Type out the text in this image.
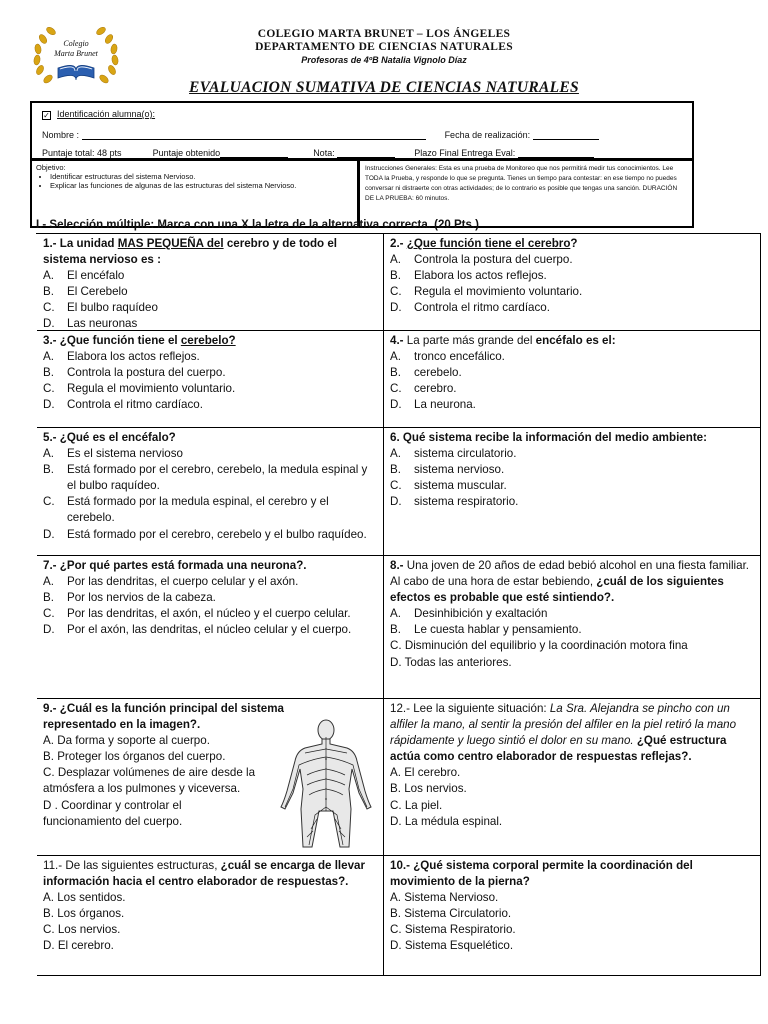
Colegio
Marta Brunet
COLEGIO MARTA BRUNET – LOS ÁNGELES
DEPARTAMENTO DE CIENCIAS NATURALES
Profesoras de 4ºB Natalia Vignolo Díaz
EVALUACION SUMATIVA DE CIENCIAS NATURALES
✓ Identificación alumna(o):
Nombre :	Fecha de realización:
Puntaje total: 48 pts	Puntaje obtenido	Nota:	Plazo Final Entrega Eval:
Objetivo:
• Identificar estructuras del sistema Nervioso.
• Explicar las funciones de algunas de las estructuras del sistema Nervioso.

Instrucciones Generales: Esta es una prueba de Monitoreo que nos permitirá medir tus conocimientos. Lee TODA la Prueba, y responde lo que se pregunta. Tienes un tiempo para contestar: en ese tiempo no puedes conversar ni distraerte con otras actividades; de lo contrario es posible que tengas una sanción. DURACIÓN DE LA PRUEBA: 60 minutos.

I.- Selección múltiple: Marca con una X la letra de la alternativa correcta. (20 Pts.)
1.- La unidad MAS PEQUEÑA del cerebro y de todo el sistema nervioso es :
A. El encéfalo
B. El Cerebelo
C. El bulbo raquídeo
D. Las neuronas
2.- ¿Que función tiene el cerebro?
A. Controla la postura del cuerpo.
B. Elabora los actos reflejos.
C. Regula el movimiento voluntario.
D. Controla el ritmo cardíaco.
3.- ¿Que función tiene el cerebelo?
A. Elabora los actos reflejos.
B. Controla la postura del cuerpo.
C. Regula el movimiento voluntario.
D. Controla el ritmo cardíaco.
4.- La parte más grande del encéfalo es el:
A. tronco encefálico.
B. cerebelo.
C. cerebro.
D. La neurona.
5.- ¿Qué es el encéfalo?
A. Es el sistema nervioso
B. Está formado por el cerebro, cerebelo, la medula espinal y el bulbo raquídeo.
C. Está formado por la medula espinal, el cerebro y el cerebelo.
D. Está formado por el cerebro, cerebelo y el bulbo raquídeo.
6. Qué sistema recibe la información del medio ambiente:
A. sistema circulatorio.
B. sistema nervioso.
C. sistema muscular.
D. sistema respiratorio.
7.- ¿Por qué partes está formada una neurona?.
A. Por las dendritas, el cuerpo celular y el axón.
B. Por los nervios de la cabeza.
C. Por las dendritas, el axón, el núcleo y el cuerpo celular.
D. Por el axón, las dendritas, el núcleo celular y el cuerpo.
8.- Una joven de 20 años de edad bebió alcohol en una fiesta familiar. Al cabo de una hora de estar bebiendo, ¿cuál de los siguientes efectos es probable que esté sintiendo?.
A. Desinhibición y exaltación
B. Le cuesta hablar y pensamiento.
C. Disminución del equilibrio y la coordinación motora fina
D. Todas las anteriores.
9.- ¿Cuál es la función principal del sistema representado en la imagen?.
A. Da forma y soporte al cuerpo.
B. Proteger los órganos del cuerpo.
C. Desplazar volúmenes de aire desde la atmósfera a los pulmones y viceversa.
D . Coordinar y controlar el funcionamiento del cuerpo.
12.- Lee la siguiente situación: La Sra. Alejandra se pincho con un alfiler la mano, al sentir la presión del alfiler en la piel retiró la mano rápidamente y luego sintió el dolor en su mano. ¿Qué estructura actúa como centro elaborador de respuestas reflejas?.
A. El cerebro.
B. Los nervios.
C. La piel.
D. La médula espinal.
11.- De las siguientes estructuras, ¿cuál se encarga de llevar información hacia el centro elaborador de respuestas?.
A. Los sentidos.
B. Los órganos.
C. Los nervios.
D. El cerebro.
10.- ¿Qué sistema corporal permite la coordinación del movimiento de la pierna?
A. Sistema Nervioso.
B. Sistema Circulatorio.
C. Sistema Respiratorio.
D. Sistema Esquelético.
